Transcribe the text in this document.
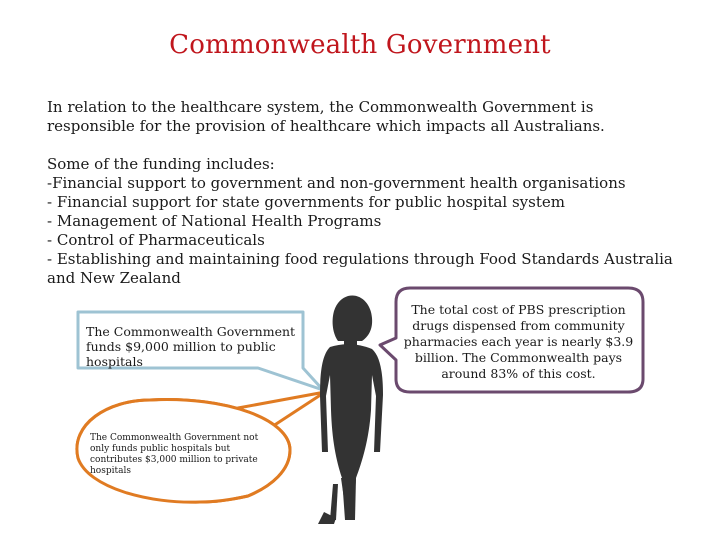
Commonwealth Government

In relation to the healthcare system, the Commonwealth Government is responsible for the provision of healthcare which impacts all Australians.

Some of the funding includes:

-Financial support to government and non-government health organisations

- Financial support for state governments for public hospital system

- Management of National Health Programs

- Control of Pharmaceuticals

- Establishing and maintaining food regulations through Food Standards Australia and New Zealand

The Commonwealth Government funds $9,000 million to public hospitals
The Commonwealth Government not only funds public hospitals but contributes $3,000 million to private hospitals
The total cost of PBS prescription drugs dispensed from community pharmacies each year is nearly $3.9 billion. The Commonwealth pays around 83% of this cost.
